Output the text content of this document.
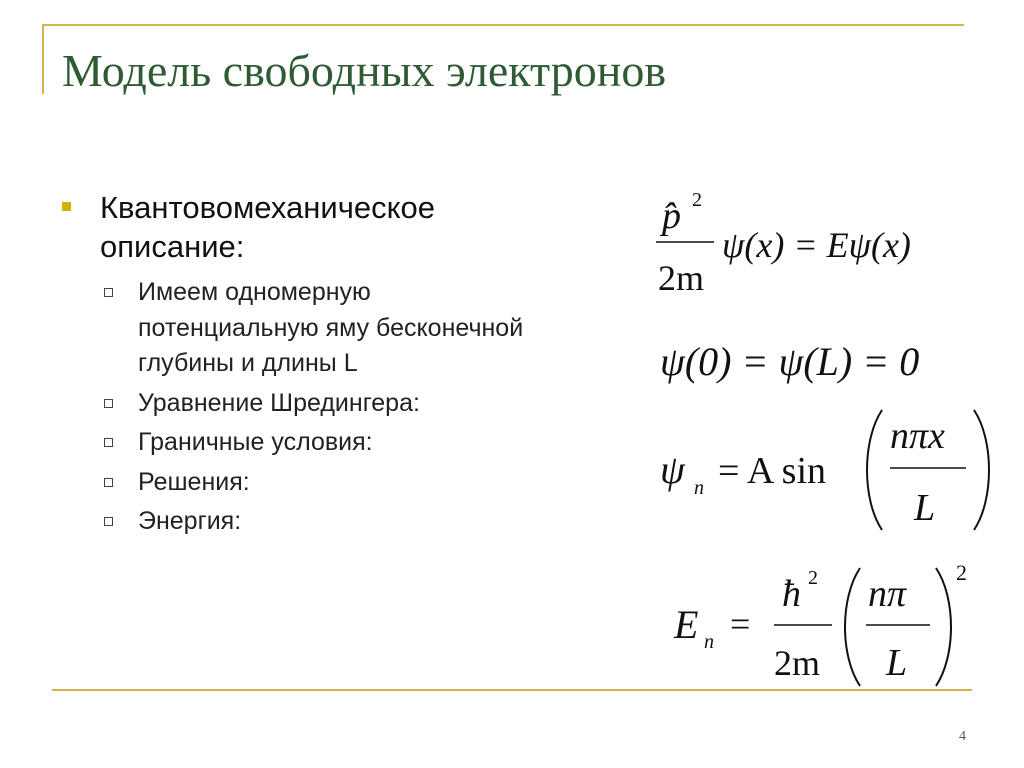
Модель свободных электронов
Квантовомеханическое описание:
Имеем одномерную потенциальную яму бесконечной глубины и длины L
Уравнение Шредингера:
Граничные условия:
Решения:
Энергия:
p̂ 2
2m
ψ(x) = Eψ(x)
ψ(0) = ψ(L) = 0
ψ n = A sin
nπx
L
E n =
ħ 2
2m
nπ
L
2
4
